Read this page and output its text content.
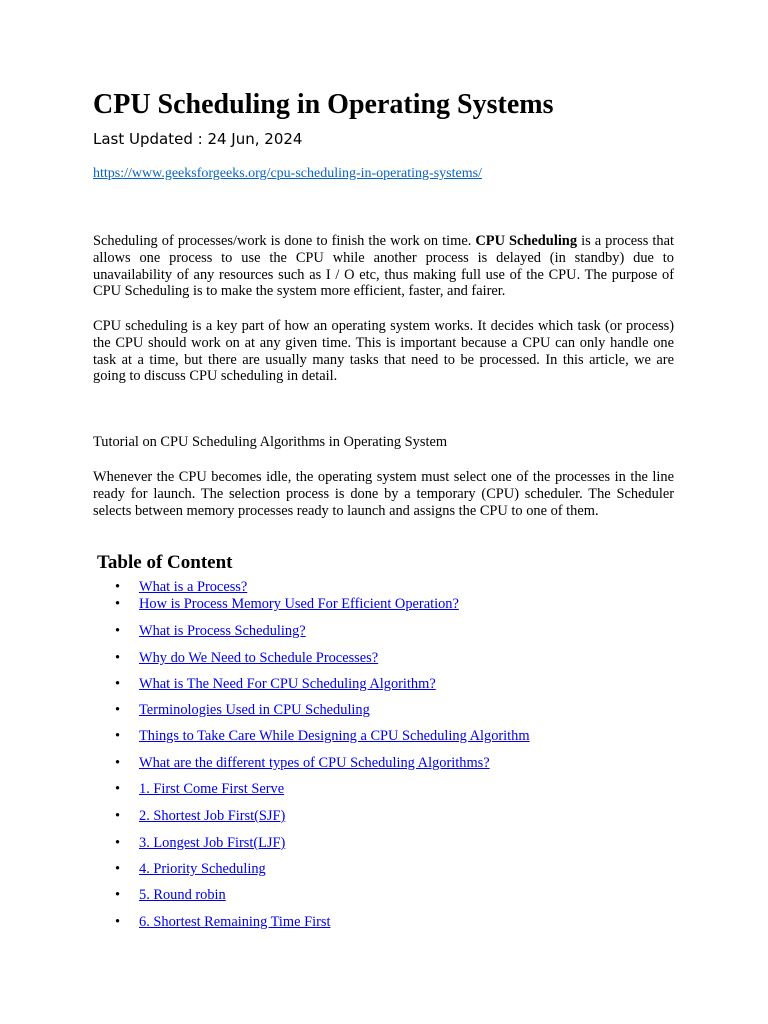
CPU Scheduling in Operating Systems
Last Updated : 24 Jun, 2024
https://www.geeksforgeeks.org/cpu-scheduling-in-operating-systems/

Scheduling of processes/work is done to finish the work on time. CPU Scheduling is a process that allows one process to use the CPU while another process is delayed (in standby) due to unavailability of any resources such as I / O etc, thus making full use of the CPU. The purpose of CPU Scheduling is to make the system more efficient, faster, and fairer.

CPU scheduling is a key part of how an operating system works. It decides which task (or process) the CPU should work on at any given time. This is important because a CPU can only handle one task at a time, but there are usually many tasks that need to be processed. In this article, we are going to discuss CPU scheduling in detail.

Tutorial on CPU Scheduling Algorithms in Operating System

Whenever the CPU becomes idle, the operating system must select one of the processes in the line ready for launch. The selection process is done by a temporary (CPU) scheduler. The Scheduler selects between memory processes ready to launch and assigns the CPU to one of them.

Table of Content
• What is a Process?
• How is Process Memory Used For Efficient Operation?
• What is Process Scheduling?
• Why do We Need to Schedule Processes?
• What is The Need For CPU Scheduling Algorithm?
• Terminologies Used in CPU Scheduling
• Things to Take Care While Designing a CPU Scheduling Algorithm
• What are the different types of CPU Scheduling Algorithms?
• 1. First Come First Serve
• 2. Shortest Job First(SJF)
• 3. Longest Job First(LJF)
• 4. Priority Scheduling
• 5. Round robin
• 6. Shortest Remaining Time First
